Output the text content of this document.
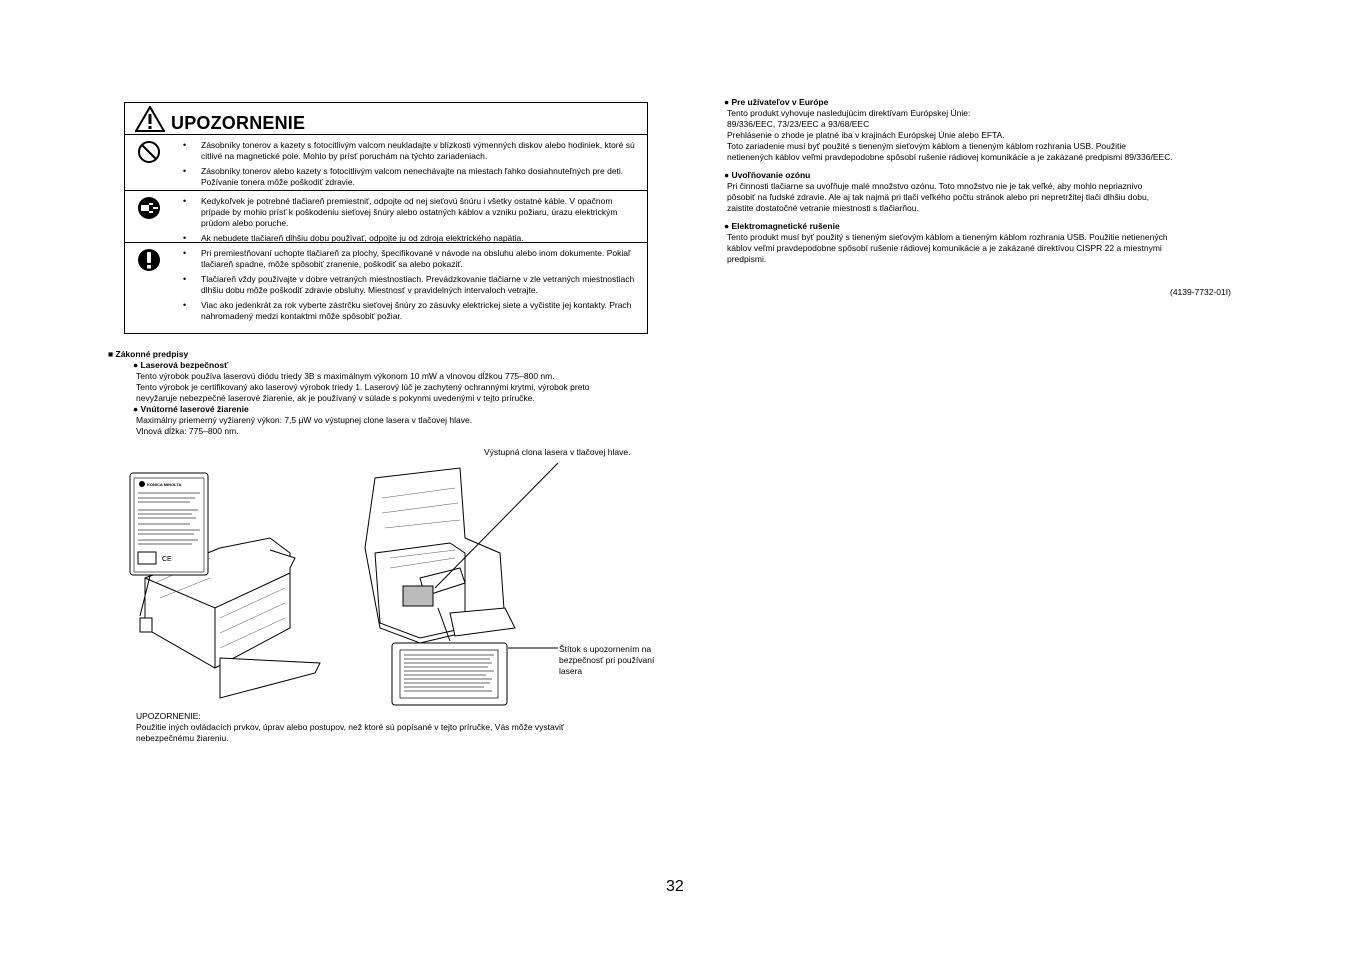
UPOZORNENIE
• Zásobníky tonerov a kazety s fotocitlivým valcom neukladajte v blízkosti výmenných diskov alebo hodiniek, ktoré sú citlivé na magnetické pole. Mohlo by prísť poruchám na týchto zariadeniach.
• Zásobníky tonerov alebo kazety s fotocitlivým valcom nenechávajte na miestach ľahko dosiahnuteľných pre deti. Požívanie tonera môže poškodiť zdravie.
• Kedykoľvek je potrebné tlačiareň premiestniť, odpojte od nej sieťovú šnúru i všetky ostatné káble. V opačnom prípade by mohlo prísť k poškodeniu sieťovej šnúry alebo ostatných káblov a vzniku požiaru, úrazu elektrickým prúdom alebo poruche.
• Ak nebudete tlačiareň dlhšiu dobu používať, odpojte ju od zdroja elektrického napätia.
• Pri premiestňovaní uchopte tlačiareň za plochy, špecifikované v návode na obsluhu alebo inom dokumente. Pokiaľ tlačiareň spadne, môže spôsobiť zranenie, poškodiť sa alebo pokaziť.
• Tlačiareň vždy používajte v dobre vetraných miestnostiach. Prevádzkovanie tlačiarne v zle vetraných miestnostiach dlhšiu dobu môže poškodiť zdravie obsluhy. Miestnosť v pravidelných intervaloch vetrajte.
• Viac ako jedenkrát za rok vyberte zástrčku sieťovej šnúry zo zásuvky elektrickej siete a vyčistite jej kontakty. Prach nahromadený medzi kontaktmi môže spôsobiť požiar.
■ Zákonné predpisy
● Laserová bezpečnosť
Tento výrobok používa laserovú diódu triedy 3B s maximálnym výkonom 10 mW a vlnovou dĺžkou 775–800 nm.
Tento výrobok je certifikovaný ako laserový výrobok triedy 1. Laserový lúč je zachytený ochrannými krytmi, výrobok preto
nevyžaruje nebezpečné laserové žiarenie, ak je používaný v súlade s pokynmi uvedenými v tejto príručke.
● Vnútorné laserové žiarenie
Maximálny priemerný vyžiarený výkon: 7,5 μW vo výstupnej clone lasera v tlačovej hlave.
Vlnová dĺžka: 775–800 nm.
Výstupná clona lasera v tlačovej hlave.
KONICA MINOLTA
CE
Štítok s upozornením na
bezpečnosť pri používaní
lasera
UPOZORNENIE:
Použitie iných ovládacích prvkov, úprav alebo postupov, než ktoré sú popísané v tejto príručke, Vás môže vystaviť
nebezpečnému žiareniu.
● Pre užívateľov v Európe
Tento produkt vyhovuje nasledujúcim direktívam Európskej Únie:
89/336/EEC, 73/23/EEC a 93/68/EEC
Prehlásenie o zhode je platné iba v krajinách Európskej Únie alebo EFTA.
Toto zariadenie musí byť použité s tieneným sieťovým káblom a tieneným káblom rozhrania USB. Použitie
netienených káblov veľmi pravdepodobne spôsobí rušenie rádiovej komunikácie a je zakázané predpismi 89/336/EEC.
● Uvoľňovanie ozónu
Pri činnosti tlačiarne sa uvoľňuje malé množstvo ozónu. Toto množstvo nie je tak veľké, aby mohlo nepriaznivo
pôsobiť na ľudské zdravie. Ale aj tak najmä pri tlači veľkého počtu stránok alebo pri nepretržitej tlači dlhšiu dobu,
zaistite dostatočné vetranie miestnosti s tlačiarňou.
● Elektromagnetické rušenie
Tento produkt musí byť použitý s tieneným sieťovým káblom a tieneným káblom rozhrania USB. Použitie netienených
káblov veľmi pravdepodobne spôsobí rušenie rádiovej komunikácie a je zakázané direktívou CISPR 22 a miestnymi
predpismi.
(4139-7732-01I)
32
